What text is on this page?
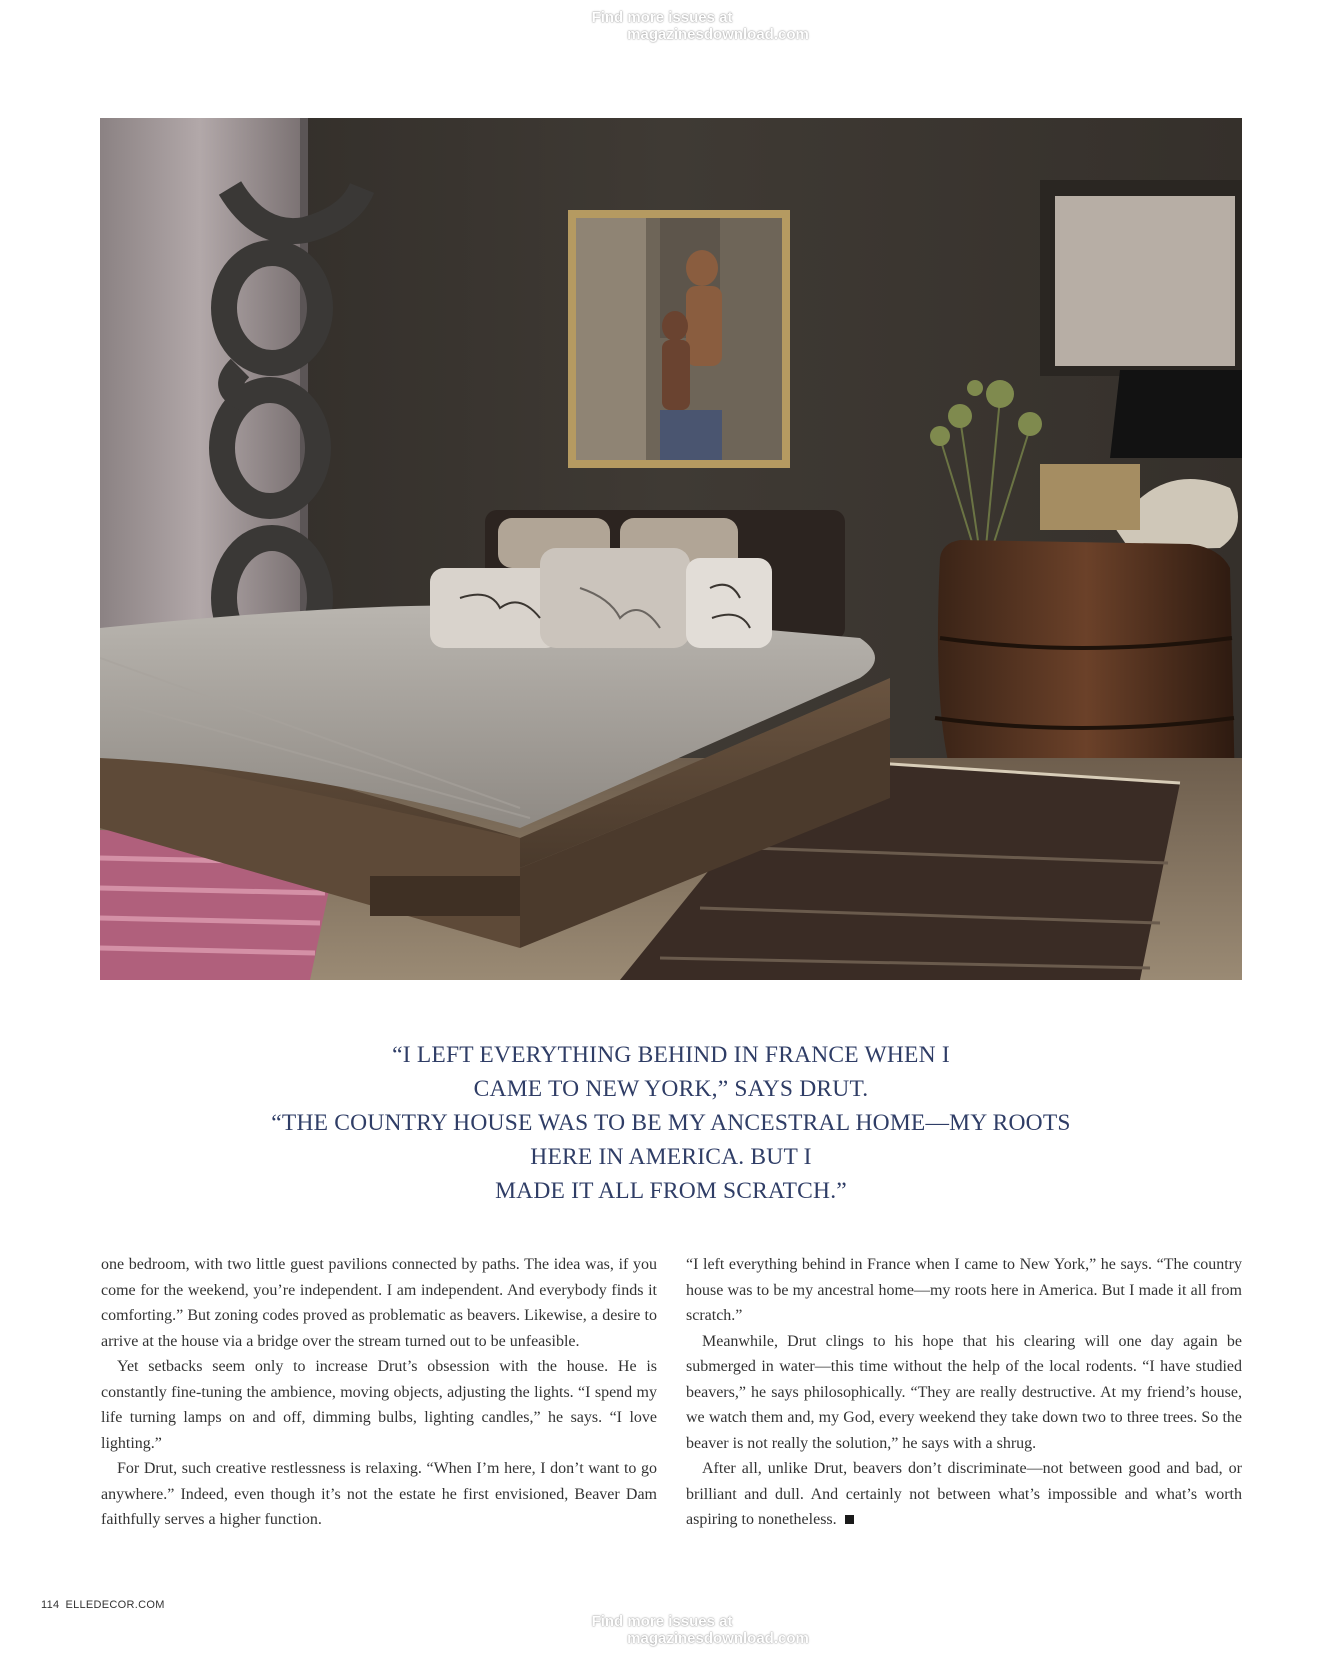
Find more issues at
magazinesdownload.com
“I LEFT EVERYTHING BEHIND IN FRANCE WHEN I
CAME TO NEW YORK,” SAYS DRUT.
“THE COUNTRY HOUSE WAS TO BE MY ANCESTRAL HOME—MY ROOTS
HERE IN AMERICA. BUT I
MADE IT ALL FROM SCRATCH.”

one bedroom, with two little guest pavilions connected by paths. The idea was, if you come for the weekend, you’re independent. I am independent. And everybody finds it comforting.” But zoning codes proved as problematic as beavers. Likewise, a desire to arrive at the house via a bridge over the stream turned out to be unfeasible.

Yet setbacks seem only to increase Drut’s obsession with the house. He is constantly fine-tuning the ambience, moving objects, adjusting the lights. “I spend my life turning lamps on and off, dimming bulbs, lighting candles,” he says. “I love lighting.”

For Drut, such creative restlessness is relaxing. “When I’m here, I don’t want to go anywhere.” Indeed, even though it’s not the estate he first envisioned, Beaver Dam faithfully serves a higher function.

“I left everything behind in France when I came to New York,” he says. “The country house was to be my ancestral home—my roots here in America. But I made it all from scratch.”

Meanwhile, Drut clings to his hope that his clearing will one day again be submerged in water—this time without the help of the local rodents. “I have studied beavers,” he says philosophically. “They are really destructive. At my friend’s house, we watch them and, my God, every weekend they take down two to three trees. So the beaver is not really the solution,” he says with a shrug.

After all, unlike Drut, beavers don’t discriminate—not between good and bad, or brilliant and dull. And certainly not between what’s impossible and what’s worth aspiring to nonetheless.

114 ELLEDECOR.COM
Find more issues at
magazinesdownload.com
